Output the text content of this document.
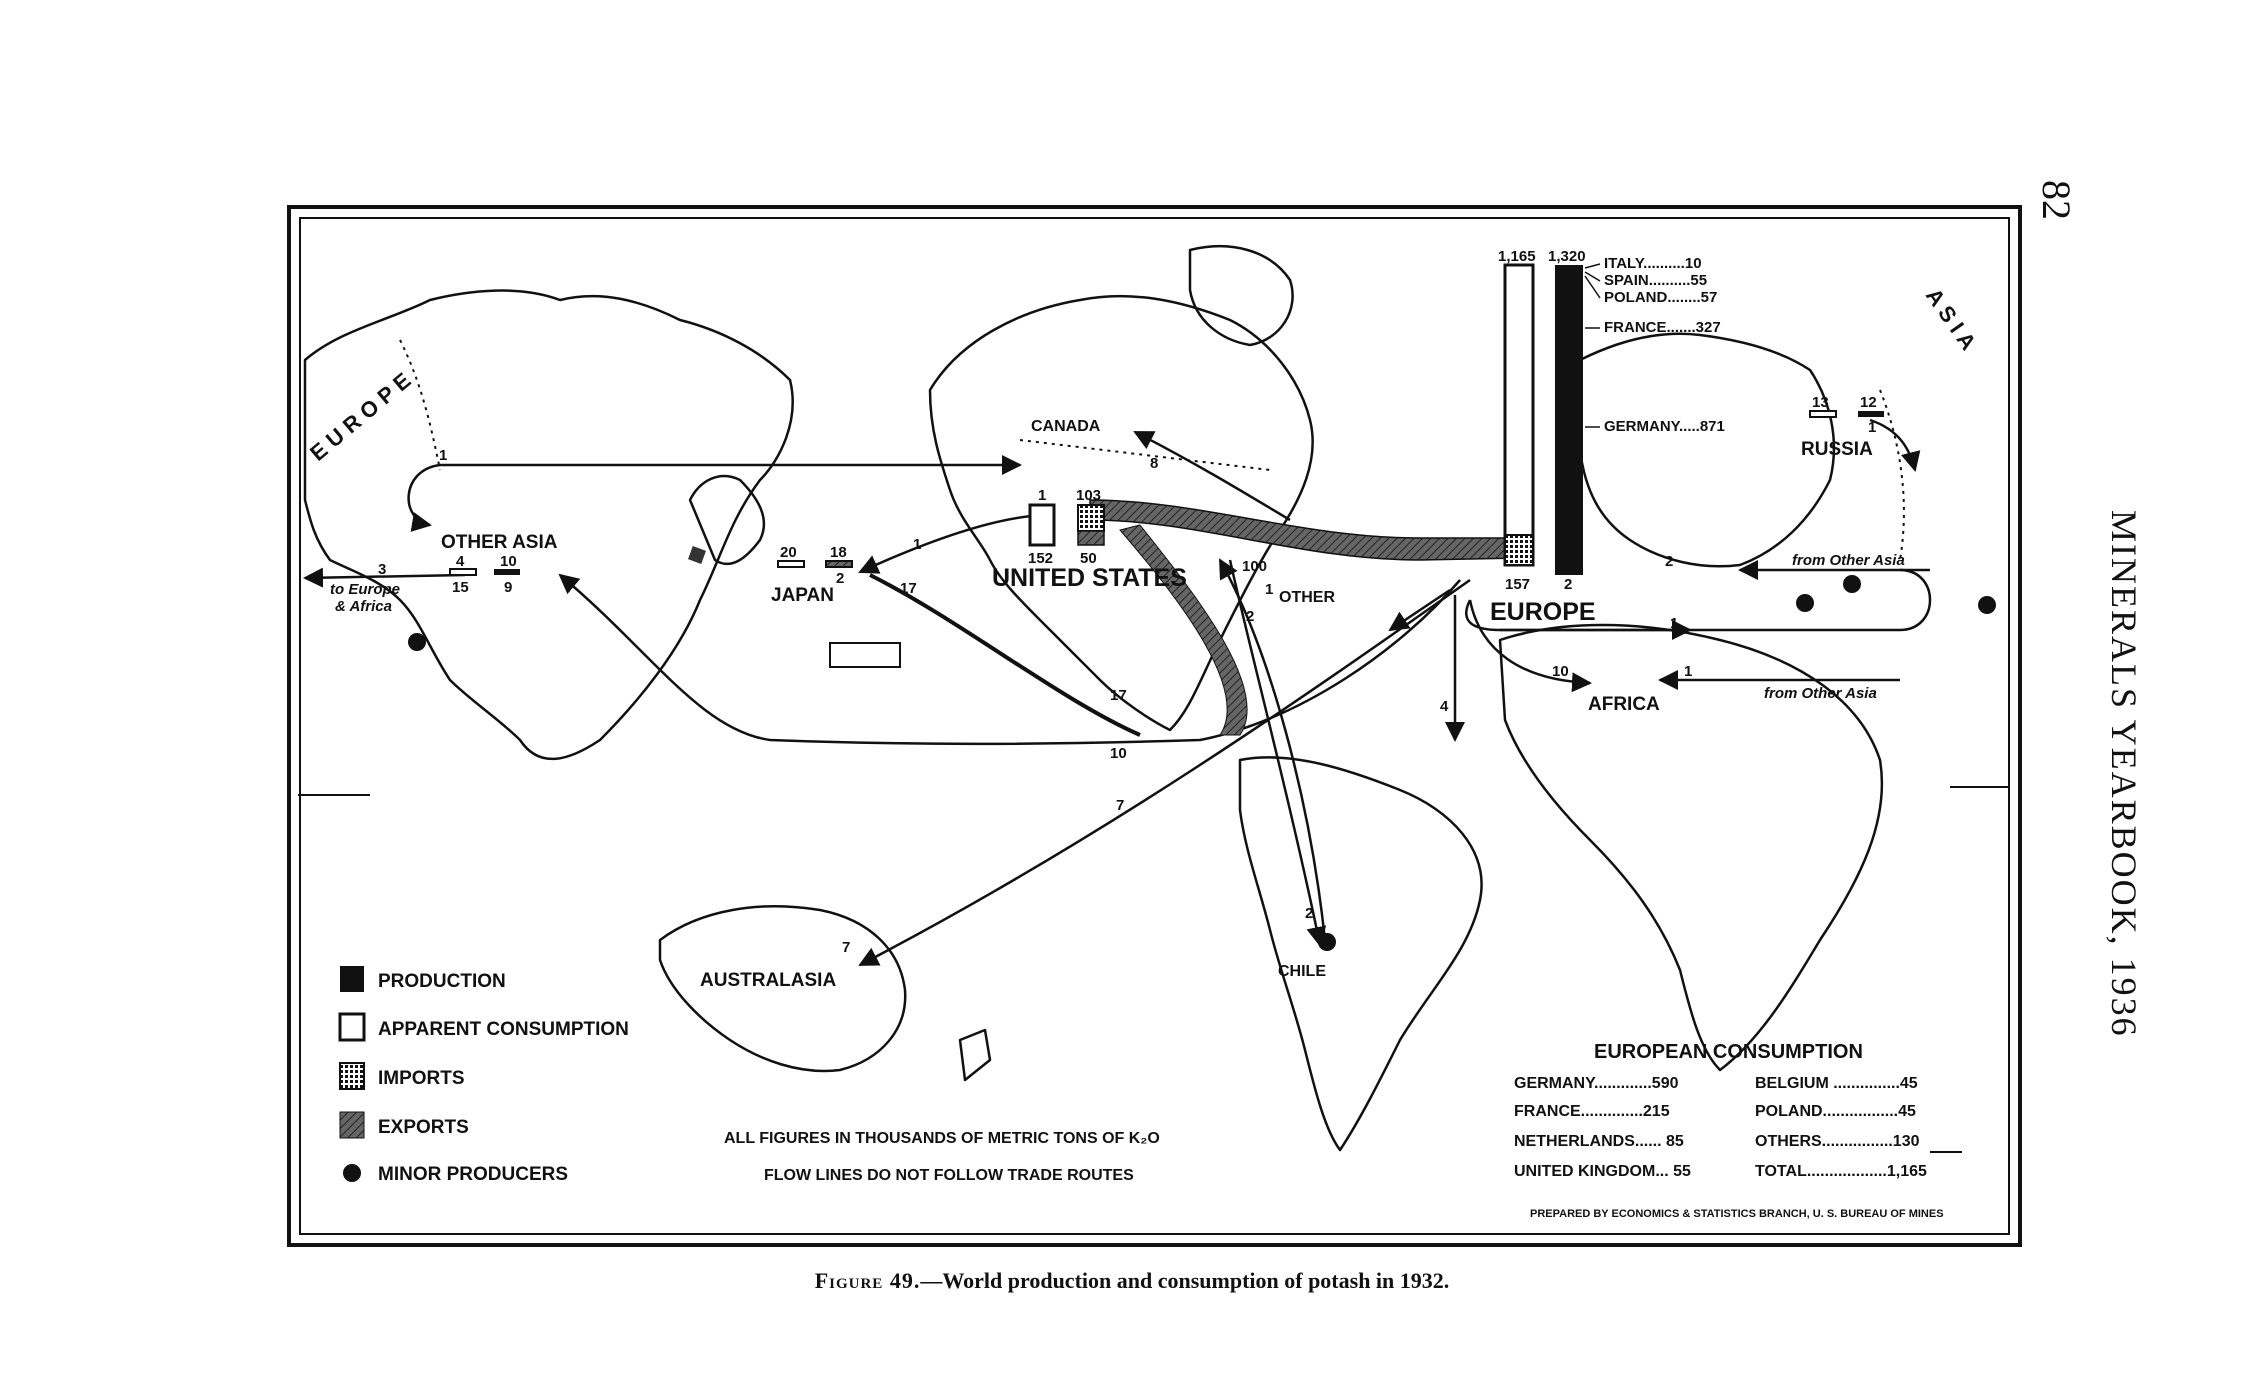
82
MINERALS YEARBOOK, 1936
E U R O P E
A S I A
OTHER ASIA
JAPAN
CANADA
UNITED STATES
OTHER
EUROPE
RUSSIA
AFRICA
AUSTRALASIA	CHILE
to Europe
& Africa
from Other Asia
from Other Asia
1,165 1,320
157 2
1
152
103
50
4
15
10
9
20 18
2
13 12
1
ITALY..........10
SPAIN..........55
POLAND........57
FRANCE.......327
GERMANY.....871
1
3
1
17
8
100
1
2
17
10
7
7
4
2
2
10
1
1
PRODUCTION
APPARENT CONSUMPTION
IMPORTS
EXPORTS
MINOR PRODUCERS
ALL FIGURES IN THOUSANDS OF METRIC TONS OF K₂O
FLOW LINES DO NOT FOLLOW TRADE ROUTES
PREPARED BY ECONOMICS & STATISTICS BRANCH, U. S. BUREAU OF MINES
EUROPEAN CONSUMPTION
GERMANY.............590
FRANCE..............215
NETHERLANDS...... 85
UNITED KINGDOM... 55
BELGIUM ...............45
POLAND.................45
OTHERS................130
TOTAL..................1,165
Figure 49.—World production and consumption of potash in 1932.
